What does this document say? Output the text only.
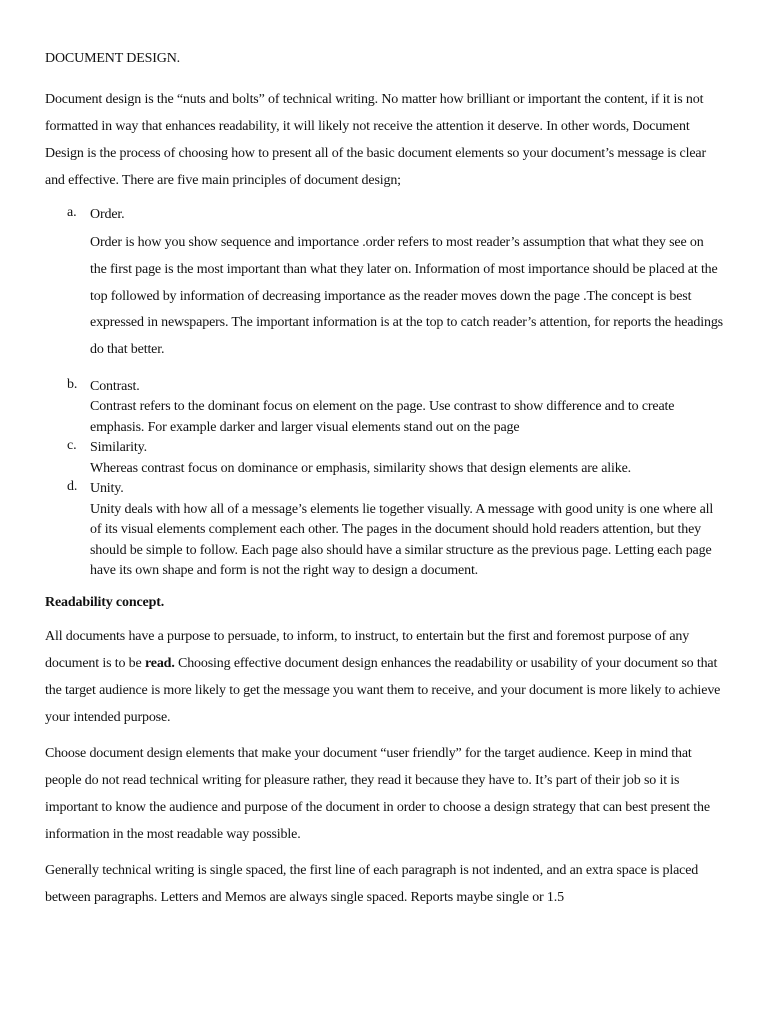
DOCUMENT DESIGN.

Document design is the “nuts and bolts” of technical writing. No matter how brilliant or important the content, if it is not formatted in way that enhances readability, it will likely not receive the attention it deserve. In other words, Document Design is the process of choosing how to present all of the basic document elements so your document’s message is clear and effective. There are five main principles of document design;

a. Order.
Order is how you show sequence and importance .order refers to most reader’s assumption that what they see on the first page is the most important than what they later on. Information of most importance should be placed at the top followed by information of decreasing importance as the reader moves down the page .The concept is best expressed in newspapers. The important information is at the top to catch reader’s attention, for reports the headings do that better.
b. Contrast.
Contrast refers to the dominant focus on element on the page. Use contrast to show difference and to create emphasis. For example darker and larger visual elements stand out on the page
c. Similarity.
Whereas contrast focus on dominance or emphasis, similarity shows that design elements are alike.
d. Unity.
Unity deals with how all of a message’s elements lie together visually. A message with good unity is one where all of its visual elements complement each other. The pages in the document should hold readers attention, but they should be simple to follow. Each page also should have a similar structure as the previous page. Letting each page have its own shape and form is not the right way to design a document.
Readability concept.

All documents have a purpose to persuade, to inform, to instruct, to entertain but the first and foremost purpose of any document is to be read. Choosing effective document design enhances the readability or usability of your document so that the target audience is more likely to get the message you want them to receive, and your document is more likely to achieve your intended purpose.

Choose document design elements that make your document “user friendly” for the target audience. Keep in mind that people do not read technical writing for pleasure rather, they read it because they have to. It’s part of their job so it is important to know the audience and purpose of the document in order to choose a design strategy that can best present the information in the most readable way possible.

Generally technical writing is single spaced, the first line of each paragraph is not indented, and an extra space is placed between paragraphs. Letters and Memos are always single spaced. Reports maybe single or 1.5
